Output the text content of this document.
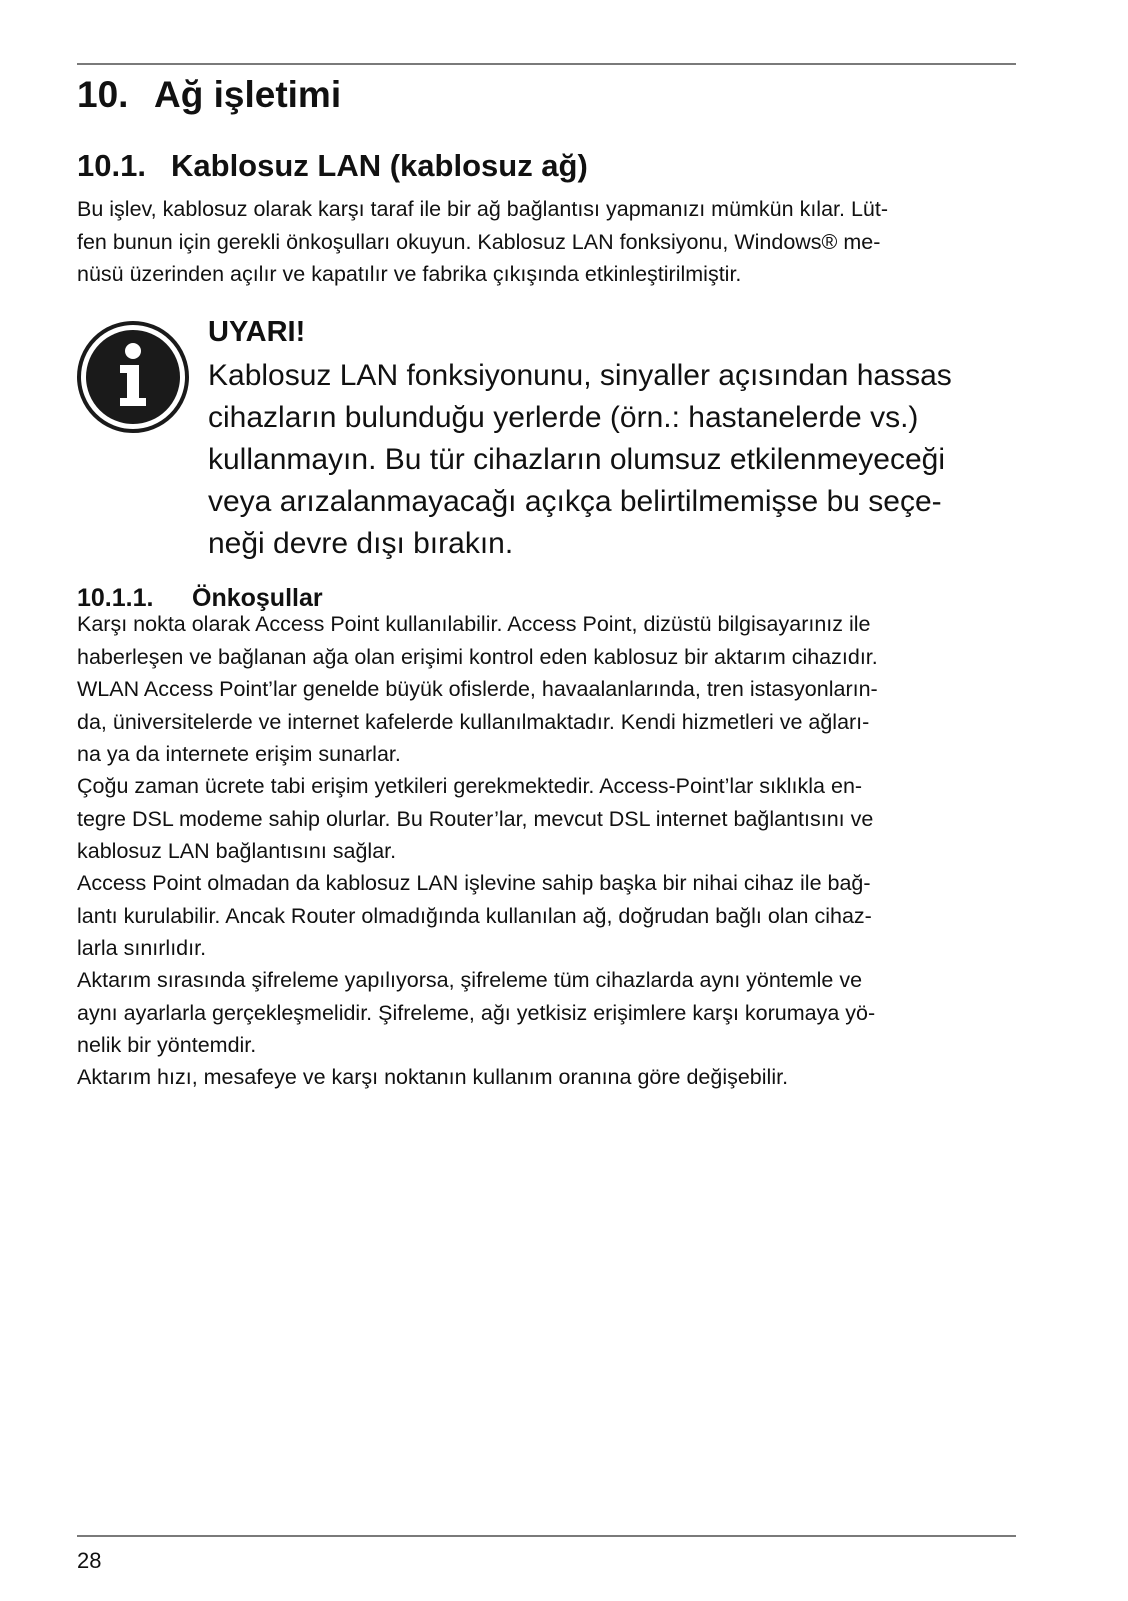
10. Ağ işletimi
10.1. Kablosuz LAN (kablosuz ağ)
Bu işlev, kablosuz olarak karşı taraf ile bir ağ bağlantısı yapmanızı mümkün kılar. Lüt-
fen bunun için gerekli önkoşulları okuyun. Kablosuz LAN fonksiyonu, Windows® me-
nüsü üzerinden açılır ve kapatılır ve fabrika çıkışında etkinleştirilmiştir.
UYARI!
Kablosuz LAN fonksiyonunu, sinyaller açısından hassas
cihazların bulunduğu yerlerde (örn.: hastanelerde vs.)
kullanmayın. Bu tür cihazların olumsuz etkilenmeyeceği
veya arızalanmayacağı açıkça belirtilmemişse bu seçe-
neği devre dışı bırakın.
10.1.1. Önkoşullar
Karşı nokta olarak Access Point kullanılabilir. Access Point, dizüstü bilgisayarınız ile
haberleşen ve bağlanan ağa olan erişimi kontrol eden kablosuz bir aktarım cihazıdır.
WLAN Access Point’lar genelde büyük ofislerde, havaalanlarında, tren istasyonların-
da, üniversitelerde ve internet kafelerde kullanılmaktadır. Kendi hizmetleri ve ağları-
na ya da internete erişim sunarlar.
Çoğu zaman ücrete tabi erişim yetkileri gerekmektedir. Access-Point’lar sıklıkla en-
tegre DSL modeme sahip olurlar. Bu Router’lar, mevcut DSL internet bağlantısını ve
kablosuz LAN bağlantısını sağlar.
Access Point olmadan da kablosuz LAN işlevine sahip başka bir nihai cihaz ile bağ-
lantı kurulabilir. Ancak Router olmadığında kullanılan ağ, doğrudan bağlı olan cihaz-
larla sınırlıdır.
Aktarım sırasında şifreleme yapılıyorsa, şifreleme tüm cihazlarda aynı yöntemle ve
aynı ayarlarla gerçekleşmelidir. Şifreleme, ağı yetkisiz erişimlere karşı korumaya yö-
nelik bir yöntemdir.
Aktarım hızı, mesafeye ve karşı noktanın kullanım oranına göre değişebilir.
28
